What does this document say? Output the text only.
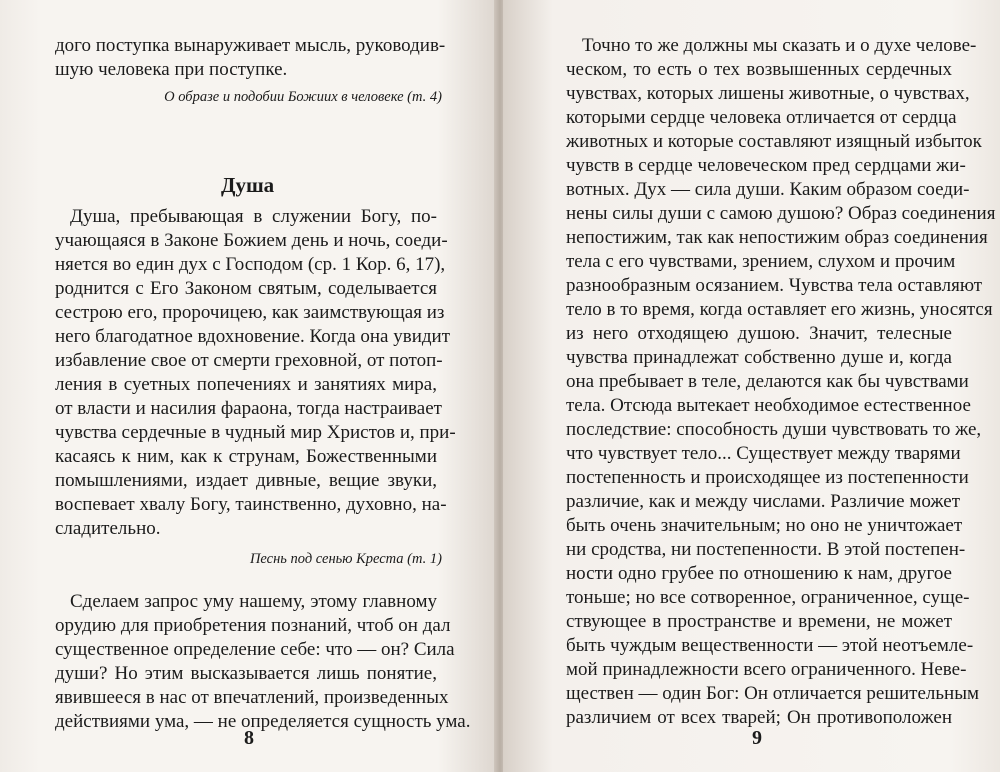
дого поступка вынаруживает мысль, руководив-
шую человека при поступке.
О образе и подобии Божиих в человеке (т. 4)
Душа
Душа, пребывающая в служении Богу, по-
учающаяся в Законе Божием день и ночь, соеди-
няется во един дух с Господом (ср. 1 Кор. 6, 17),
роднится с Его Законом святым, соделывается
сестрою его, пророчицею, как заимствующая из
него благодатное вдохновение. Когда она увидит
избавление свое от смерти греховной, от потоп-
ления в суетных попечениях и занятиях мира,
от власти и насилия фараона, тогда настраивает
чувства сердечные в чудный мир Христов и, при-
касаясь к ним, как к струнам, Божественными
помышлениями, издает дивные, вещие звуки,
воспевает хвалу Богу, таинственно, духовно, на-
сладительно.
Песнь под сенью Креста (т. 1)
Сделаем запрос уму нашему, этому главному
орудию для приобретения познаний, чтоб он дал
существенное определение себе: что — он? Сила
души? Но этим высказывается лишь понятие,
явившееся в нас от впечатлений, произведенных
действиями ума, — не определяется сущность ума.
8
Точно то же должны мы сказать и о духе челове-
ческом, то есть о тех возвышенных сердечных
чувствах, которых лишены животные, о чувствах,
которыми сердце человека отличается от сердца
животных и которые составляют изящный избыток
чувств в сердце человеческом пред сердцами жи-
вотных. Дух — сила души. Каким образом соеди-
нены силы души с самою душою? Образ соединения
непостижим, так как непостижим образ соединения
тела с его чувствами, зрением, слухом и прочим
разнообразным осязанием. Чувства тела оставляют
тело в то время, когда оставляет его жизнь, уносятся
из него отходящею душою. Значит, телесные
чувства принадлежат собственно душе и, когда
она пребывает в теле, делаются как бы чувствами
тела. Отсюда вытекает необходимое естественное
последствие: способность души чувствовать то же,
что чувствует тело... Существует между тварями
постепенность и происходящее из постепенности
различие, как и между числами. Различие может
быть очень значительным; но оно не уничтожает
ни сродства, ни постепенности. В этой постепен-
ности одно грубее по отношению к нам, другое
тоньше; но все сотворенное, ограниченное, суще-
ствующее в пространстве и времени, не может
быть чуждым вещественности — этой неотъемле-
мой принадлежности всего ограниченного. Неве-
ществен — один Бог: Он отличается решительным
различием от всех тварей; Он противоположен
9
